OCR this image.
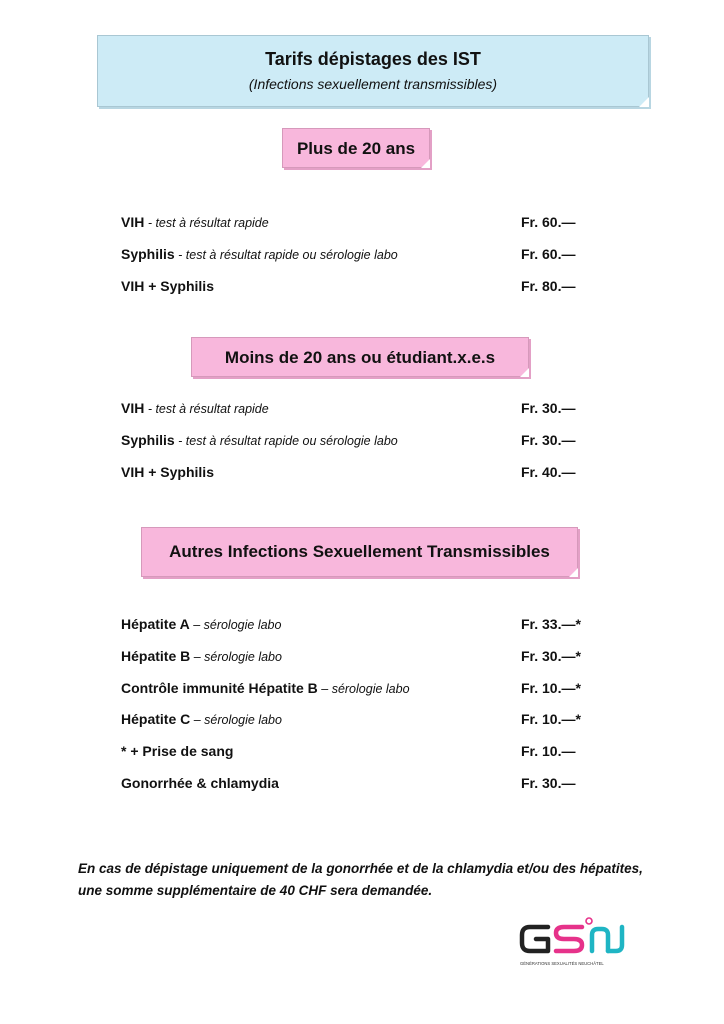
Tarifs dépistages des IST
(Infections sexuellement transmissibles)
Plus de 20 ans
VIH - test à résultat rapide	Fr. 60.—
Syphilis - test à résultat rapide ou sérologie labo	Fr. 60.—
VIH + Syphilis	Fr. 80.—
Moins de 20 ans ou étudiant.x.e.s
VIH - test à résultat rapide	Fr. 30.—
Syphilis - test à résultat rapide ou sérologie labo	Fr. 30.—
VIH + Syphilis	Fr. 40.—
Autres Infections Sexuellement Transmissibles
Hépatite A – sérologie labo	Fr. 33.—*
Hépatite B – sérologie labo	Fr. 30.—*
Contrôle immunité Hépatite B – sérologie labo	Fr. 10.—*
Hépatite C – sérologie labo	Fr. 10.—*
* + Prise de sang	Fr. 10.—
Gonorrhée & chlamydia	Fr. 30.—
En cas de dépistage uniquement de la gonorrhée et de la chlamydia et/ou des hépatites, une somme supplémentaire de 40 CHF sera demandée.
GÉNÉRATIONS SEXUALITÉS NEUCHÂTEL
